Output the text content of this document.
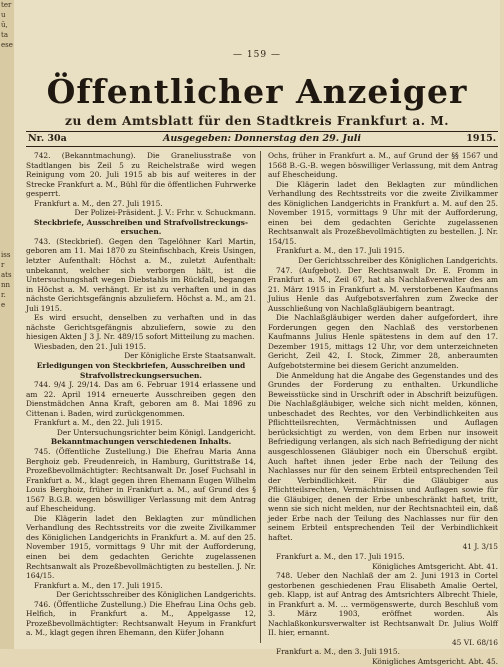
ter
u
ū,
ta
ese
iss
r
ats
nn
r.
e
— 159 —
Öffentlicher Anzeiger
zu dem Amtsblatt für den Stadtkreis Frankfurt a. M.
Nr. 30a	Ausgegeben: Donnerstag den 29. Juli	1915.

742. (Bekanntmachung). Die Graneliusstraße von Stadtlangen bis Zeil 5 zu Reichelstraße wird wegen Reinigung vom 20. Juli 1915 ab bis auf weiteres in der Strecke Frankfurt a. M., Bühl für die öffentlichen Fuhrwerke gesperrt.

Frankfurt a. M., den 27. Juli 1915.

Der Polizei-Präsident. J. V.: Frhr. v. Schuckmann.

Steckbriefe, Ausschreiben und Strafvollstreckungs-ersuchen.

743. (Steckbrief). Gegen den Tagelöhner Karl Martin, geboren am 11. Mai 1870 zu Steinfischbach, Kreis Usingen, letzter Aufenthalt: Höchst a. M., zuletzt Aufenthalt: unbekannt, welcher sich verborgen hält, ist die Untersuchungshaft wegen Diebstahls im Rückfall, begangen in Höchst a. M. verhängt. Er ist zu verhaften und in das nächste Gerichtsgefängnis abzuliefern. Höchst a. M., am 21. Juli 1915.

Es wird ersucht, denselben zu verhaften und in das nächste Gerichtsgefängnis abzuliefern, sowie zu den hiesigen Akten J 3 J. Nr. 489/15 sofort Mitteilung zu machen.

Wiesbaden, den 21. Juli 1915.

Der Königliche Erste Staatsanwalt.

Erledigungen von Steckbriefen, Ausschreiben und Strafvollstreckungsersuchen.

744. 9/4 J. 29/14. Das am 6. Februar 1914 erlassene und am 22. April 1914 erneuerte Ausschreiben gegen den Dienstmädchen Anna Kraft, geboren am 8. Mai 1896 zu Cittenan i. Baden, wird zurückgenommen.

Frankfurt a. M., den 22. Juli 1915.

Der Untersuchungsrichter beim Königl. Landgericht.

Bekanntmachungen verschiedenen Inhalts.

745. (Öffentliche Zustellung.) Die Ehefrau Maria Anna Berghoiz geb. Freudenreich, in Hamburg, Gurittstraße 14, Prozeßbevollmächtigter: Rechtsanwalt Dr. Josef Fuchsahl in Frankfurt a. M., klagt gegen ihren Ehemann Eugen Wilhelm Louis Berghoiz, früher in Frankfurt a. M., auf Grund des § 1567 B.G.B. wegen böswilliger Verlassung mit dem Antrag auf Ehescheidung.

Die Klägerin ladet den Beklagten zur mündlichen Verhandlung des Rechtsstreits vor die zweite Zivilkammer des Königlichen Landgerichts in Frankfurt a. M. auf den 25. November 1915, vormittags 9 Uhr mit der Aufforderung, einen bei dem gedachten Gerichte zugelassenen Rechtsanwalt als Prozeßbevollmächtigten zu bestellen. J. Nr. 164/15.

Frankfurt a. M., den 17. Juli 1915.

Der Gerichtsschreiber des Königlichen Landgerichts.

746. (Öffentliche Zustellung.) Die Ehefrau Lina Ochs geb. Helfich, in Frankfurt a. M., Appelgasse 12, Prozeßbevollmächtigter: Rechtsanwalt Heyum in Frankfurt a. M., klagt gegen ihren Ehemann, den Küfer Johann

Ochs, früher in Frankfurt a. M., auf Grund der §§ 1567 und 1568 B.-G.-B. wegen böswilliger Verlassung, mit dem Antrag auf Ehescheidung.

Die Klägerin ladet den Beklagten zur mündlichen Verhandlung des Rechtsstreits vor die zweite Zivilkammer des Königlichen Landgerichts in Frankfurt a. M. auf den 25. November 1915, vormittags 9 Uhr mit der Aufforderung, einen bei dem gedachten Gerichte zugelassenen Rechtsanwalt als Prozeßbevollmächtigten zu bestellen. J. Nr. 154/15.

Frankfurt a. M., den 17. Juli 1915.

Der Gerichtsschreiber des Königlichen Landgerichts.

747. (Aufgebot). Der Rechtsanwalt Dr. E. Fromm in Frankfurt a. M., Zeil 67, hat als Nachlaßverwalter des am 21. März 1915 in Frankfurt a. M. verstorbenen Kaufmanns Julius Henle das Aufgebotsverfahren zum Zwecke der Ausschließung von Nachlaßgläubigern beantragt.

Die Nachlaßgläubiger werden daher aufgefordert, ihre Forderungen gegen den Nachlaß des verstorbenen Kaufmanns Julius Henle spätestens in dem auf den 17. Dezember 1915, mittags 12 Uhr, vor dem unterzeichneten Gericht, Zeil 42, I. Stock, Zimmer 28, anberaumten Aufgebotstermine bei diesem Gericht anzumelden.

Die Anmeldung hat die Angabe des Gegenstandes und des Grundes der Forderung zu enthalten. Urkundliche Beweisstücke sind in Urschrift oder in Abschrift beizufügen. Die Nachlaßgläubiger, welche sich nicht melden, können, unbeschadet des Rechtes, vor den Verbindlichkeiten aus Pflichtteilsrechten, Vermächtnissen und Auflagen berücksichtigt zu werden, von dem Erben nur insoweit Befriedigung verlangen, als sich nach Befriedigung der nicht ausgeschlossenen Gläubiger noch ein Überschuß ergibt. Auch haftet ihnen jeder Erbe nach der Teilung des Nachlasses nur für den seinem Erbteil entsprechenden Teil der Verbindlichkeit. Für die Gläubiger aus Pflichtteilsrechten, Vermächtnissen und Auflagen sowie für die Gläubiger, denen der Erbe unbeschränkt haftet, tritt, wenn sie sich nicht melden, nur der Rechtsnachteil ein, daß jeder Erbe nach der Teilung des Nachlasses nur für den seinem Erbteil entsprechenden Teil der Verbindlichkeit haftet.

41 J. 3/15

Frankfurt a. M., den 17. Juli 1915.

Königliches Amtsgericht. Abt. 41.

748. Ueber den Nachlaß der am 2. Juni 1913 in Cortel gestorbenen geschiedenen Frau Elisabeth Amalie Oertel, geb. Klapp, ist auf Antrag des Amtsrichters Albrecht Thiele, in Frankfurt a. M. ... vermögenswerte, durch Beschluß vom 3. März 1903, eröffnet worden. Als Nachlaßkonkursverwalter ist Rechtsanwalt Dr. Julius Wolff II. hier, ernannt.

45 VI. 68/16

Frankfurt a. M., den 3. Juli 1915.

Königliches Amtsgericht. Abt. 45.
